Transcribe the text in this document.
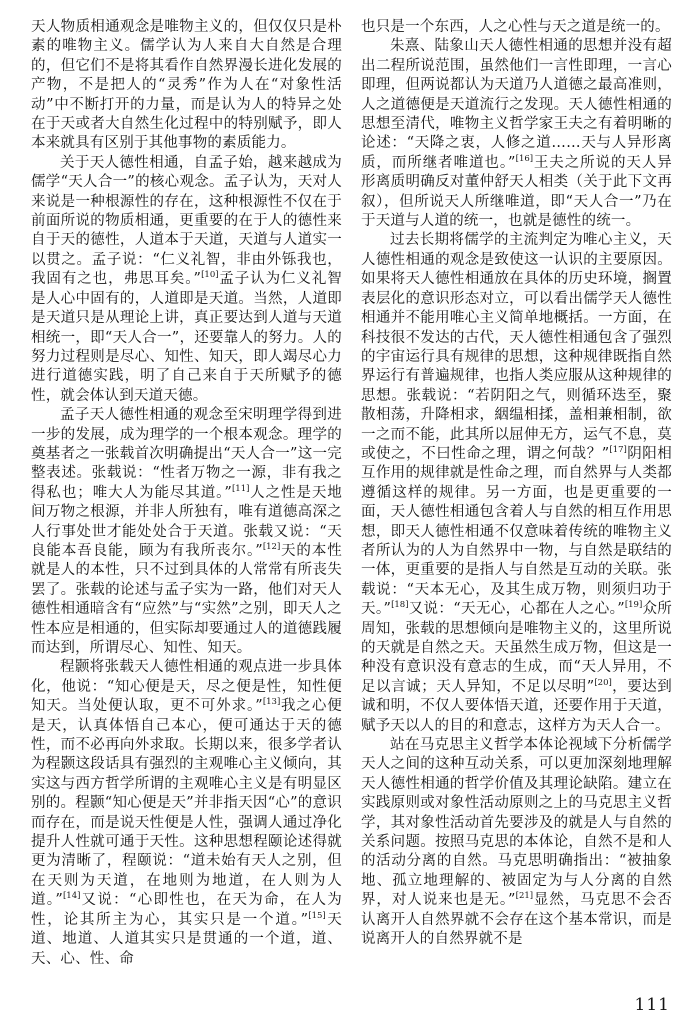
天人物质相通观念是唯物主义的，但仅仅只是朴素的唯物主义。儒学认为人来自大自然是合理的，但它们不是将其看作自然界漫长进化发展的产物，不是把人的“灵秀”作为人在“对象性活动”中不断打开的力量，而是认为人的特异之处在于天或者大自然生化过程中的特别赋予，即人本来就具有区别于其他事物的素质能力。

关于天人德性相通，自孟子始，越来越成为儒学“天人合一”的核心观念。孟子认为，天对人来说是一种根源性的存在，这种根源性不仅在于前面所说的物质相通，更重要的在于人的德性来自于天的德性，人道本于天道，天道与人道实一以贯之。孟子说：“仁义礼智，非由外铄我也，我固有之也，弗思耳矣。”[10]孟子认为仁义礼智是人心中固有的，人道即是天道。当然，人道即是天道只是从理论上讲，真正要达到人道与天道相统一，即“天人合一”，还要靠人的努力。人的努力过程则是尽心、知性、知天，即人竭尽心力进行道德实践，明了自己来自于天所赋予的德性，就会体认到天道天德。

孟子天人德性相通的观念至宋明理学得到进一步的发展，成为理学的一个根本观念。理学的奠基者之一张载首次明确提出“天人合一”这一完整表述。张载说：“性者万物之一源，非有我之得私也；唯大人为能尽其道。”[11]人之性是天地间万物之根源，并非人所独有，唯有道德高深之人行事处世才能处处合于天道。张载又说：“天良能本吾良能，顾为有我所丧尔。”[12]天的本性就是人的本性，只不过到具体的人常常有所丧失罢了。张载的论述与孟子实为一路，他们对天人德性相通暗含有“应然”与“实然”之别，即天人之性本应是相通的，但实际却要通过人的道德践履而达到，所谓尽心、知性、知天。

程颢将张载天人德性相通的观点进一步具体化，他说：“知心便是天，尽之便是性，知性便知天。当处便认取，更不可外求。”[13]我之心便是天，认真体悟自己本心，便可通达于天的德性，而不必再向外求取。长期以来，很多学者认为程颢这段话具有强烈的主观唯心主义倾向，其实这与西方哲学所谓的主观唯心主义是有明显区别的。程颢“知心便是天”并非指天因“心”的意识而存在，而是说天性便是人性，强调人通过净化提升人性就可通于天性。这种思想程颐论述得就更为清晰了，程颐说：“道未始有天人之别，但在天则为天道，在地则为地道，在人则为人道。”[14]又说：“心即性也，在天为命，在人为性，论其所主为心，其实只是一个道。”[15]天道、地道、人道其实只是贯通的一个道，道、天、心、性、命

也只是一个东西，人之心性与天之道是统一的。

朱熹、陆象山天人德性相通的思想并没有超出二程所说范围，虽然他们一言性即理，一言心即理，但两说都认为天道乃人道德之最高准则，人之道德便是天道流行之发现。天人德性相通的思想至清代，唯物主义哲学家王夫之有着明晰的论述：“天降之衷，人修之道……天与人异形离质，而所继者唯道也。”[16]王夫之所说的天人异形离质明确反对董仲舒天人相类（关于此下文再叙），但所说天人所继唯道，即“天人合一”乃在于天道与人道的统一，也就是德性的统一。

过去长期将儒学的主流判定为唯心主义，天人德性相通的观念是致使这一认识的主要原因。如果将天人德性相通放在具体的历史环境，搁置表层化的意识形态对立，可以看出儒学天人德性相通并不能用唯心主义简单地概括。一方面，在科技很不发达的古代，天人德性相通包含了强烈的宇宙运行具有规律的思想，这种规律既指自然界运行有普遍规律，也指人类应服从这种规律的思想。张载说：“若阴阳之气，则循环迭至，聚散相荡，升降相求，絪缊相揉，盖相兼相制，欲一之而不能，此其所以屈伸无方，运气不息，莫或使之，不曰性命之理，谓之何哉？”[17]阴阳相互作用的规律就是性命之理，而自然界与人类都遵循这样的规律。另一方面，也是更重要的一面，天人德性相通包含着人与自然的相互作用思想，即天人德性相通不仅意味着传统的唯物主义者所认为的人为自然界中一物，与自然是联结的一体，更重要的是指人与自然是互动的关联。张载说：“天本无心，及其生成万物，则须归功于天。”[18]又说：“天无心，心都在人之心。”[19]众所周知，张载的思想倾向是唯物主义的，这里所说的天就是自然之天。天虽然生成万物，但这是一种没有意识没有意志的生成，而“天人异用，不足以言诚；天人异知，不足以尽明”[20]，要达到诚和明，不仅人要体悟天道，还要作用于天道，赋予天以人的目的和意志，这样方为天人合一。

站在马克思主义哲学本体论视域下分析儒学天人之间的这种互动关系，可以更加深刻地理解天人德性相通的哲学价值及其理论缺陷。建立在实践原则或对象性活动原则之上的马克思主义哲学，其对象性活动首先要涉及的就是人与自然的关系问题。按照马克思的本体论，自然不是和人的活动分离的自然。马克思明确指出：“被抽象地、孤立地理解的、被固定为与人分离的自然界，对人说来也是无。”[21]显然，马克思不会否认离开人自然界就不会存在这个基本常识，而是说离开人的自然界就不是

111
